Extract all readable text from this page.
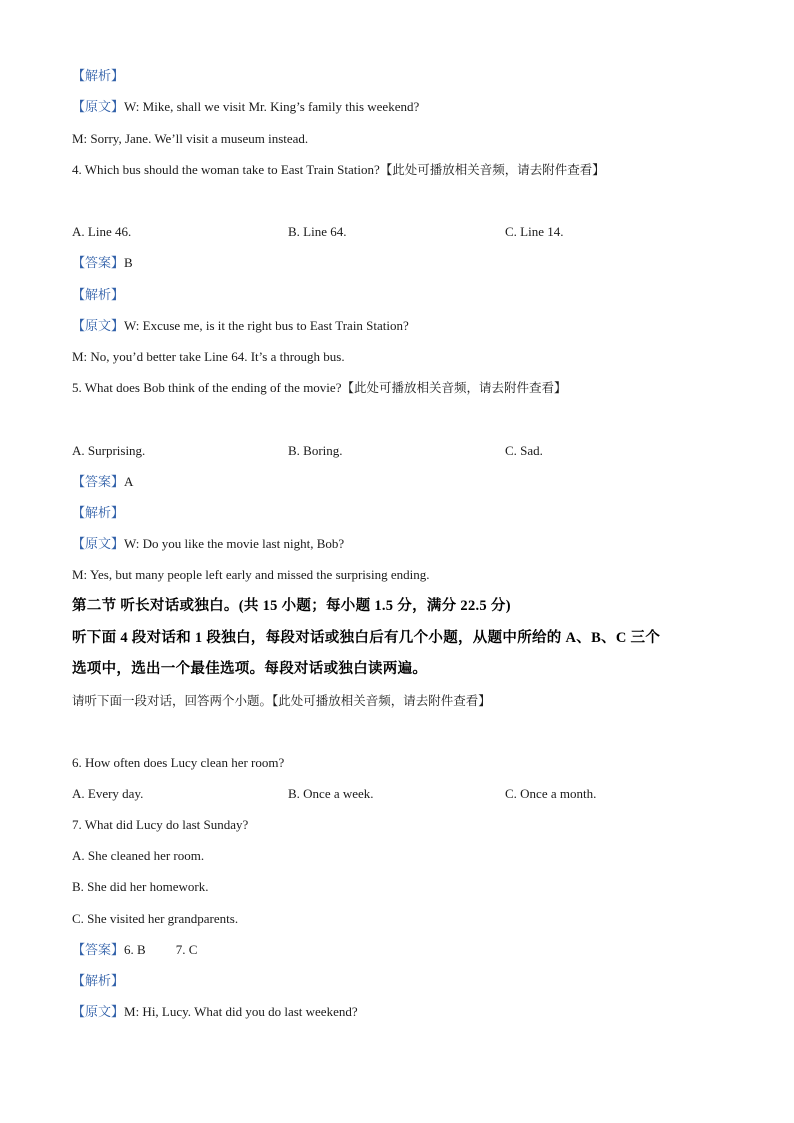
【解析】
【原文】W: Mike, shall we visit Mr. King’s family this weekend?
M: Sorry, Jane. We’ll visit a museum instead.
4. Which bus should the woman take to East Train Station?【此处可播放相关音频，请去附件查看】
A. Line 46.	B. Line 64.	C. Line 14.
【答案】B
【解析】
【原文】W: Excuse me, is it the right bus to East Train Station?
M: No, you’d better take Line 64. It’s a through bus.
5. What does Bob think of the ending of the movie?【此处可播放相关音频，请去附件查看】
A. Surprising.	B. Boring.	C. Sad.
【答案】A
【解析】
【原文】W: Do you like the movie last night, Bob?
M: Yes, but many people left early and missed the surprising ending.
第二节 听长对话或独白。(共 15 小题；每小题 1.5 分，满分 22.5 分)
听下面 4 段对话和 1 段独白，每段对话或独白后有几个小题，从题中所给的 A、B、C 三个
选项中，选出一个最佳选项。每段对话或独白读两遍。
请听下面一段对话，回答两个小题。【此处可播放相关音频，请去附件查看】
6. How often does Lucy clean her room?
A. Every day.	B. Once a week.	C. Once a month.
7. What did Lucy do last Sunday?
A. She cleaned her room.
B. She did her homework.
C. She visited her grandparents.
【答案】6. B 7. C
【解析】
【原文】M: Hi, Lucy. What did you do last weekend?
